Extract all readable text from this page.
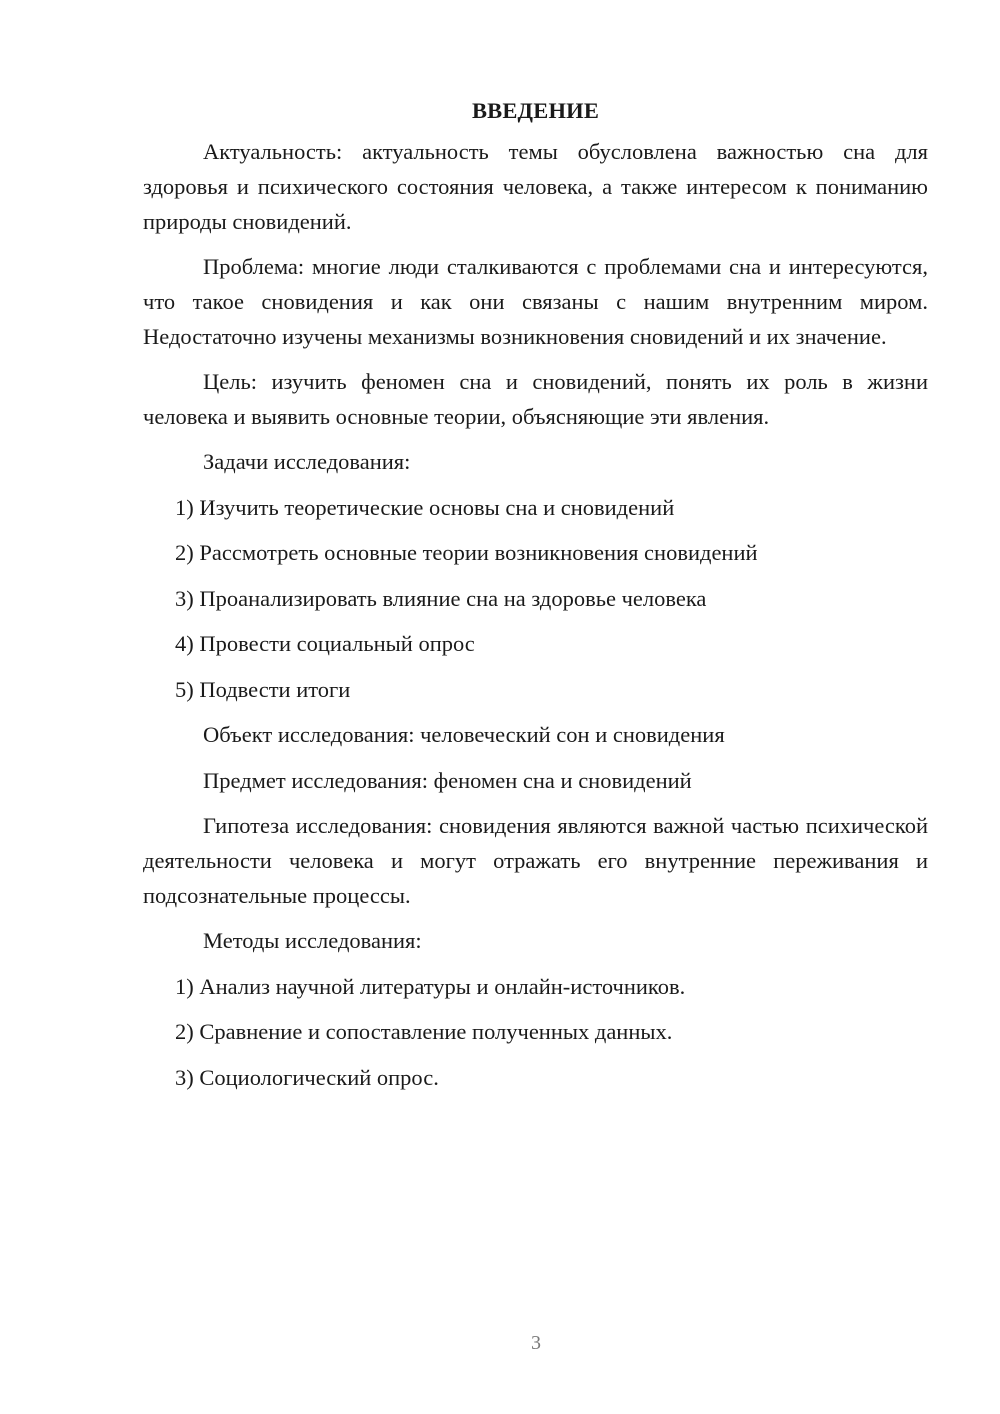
ВВЕДЕНИЕ

Актуальность: актуальность темы обусловлена важностью сна для здоровья и психического состояния человека, а также интересом к пониманию природы сновидений.

Проблема: многие люди сталкиваются с проблемами сна и интересуются, что такое сновидения и как они связаны с нашим внутренним миром. Недостаточно изучены механизмы возникновения сновидений и их значение.

Цель: изучить феномен сна и сновидений, понять их роль в жизни человека и выявить основные теории, объясняющие эти явления.

Задачи исследования:
1) Изучить теоретические основы сна и сновидений
2) Рассмотреть основные теории возникновения сновидений
3) Проанализировать влияние сна на здоровье человека
4) Провести социальный опрос
5) Подвести итоги
Объект исследования: человеческий сон и сновидения
Предмет исследования: феномен сна и сновидений

Гипотеза исследования: сновидения являются важной частью психической деятельности человека и могут отражать его внутренние переживания и подсознательные процессы.

Методы исследования:
1) Анализ научной литературы и онлайн-источников.
2) Сравнение и сопоставление полученных данных.
3) Социологический опрос.
3
